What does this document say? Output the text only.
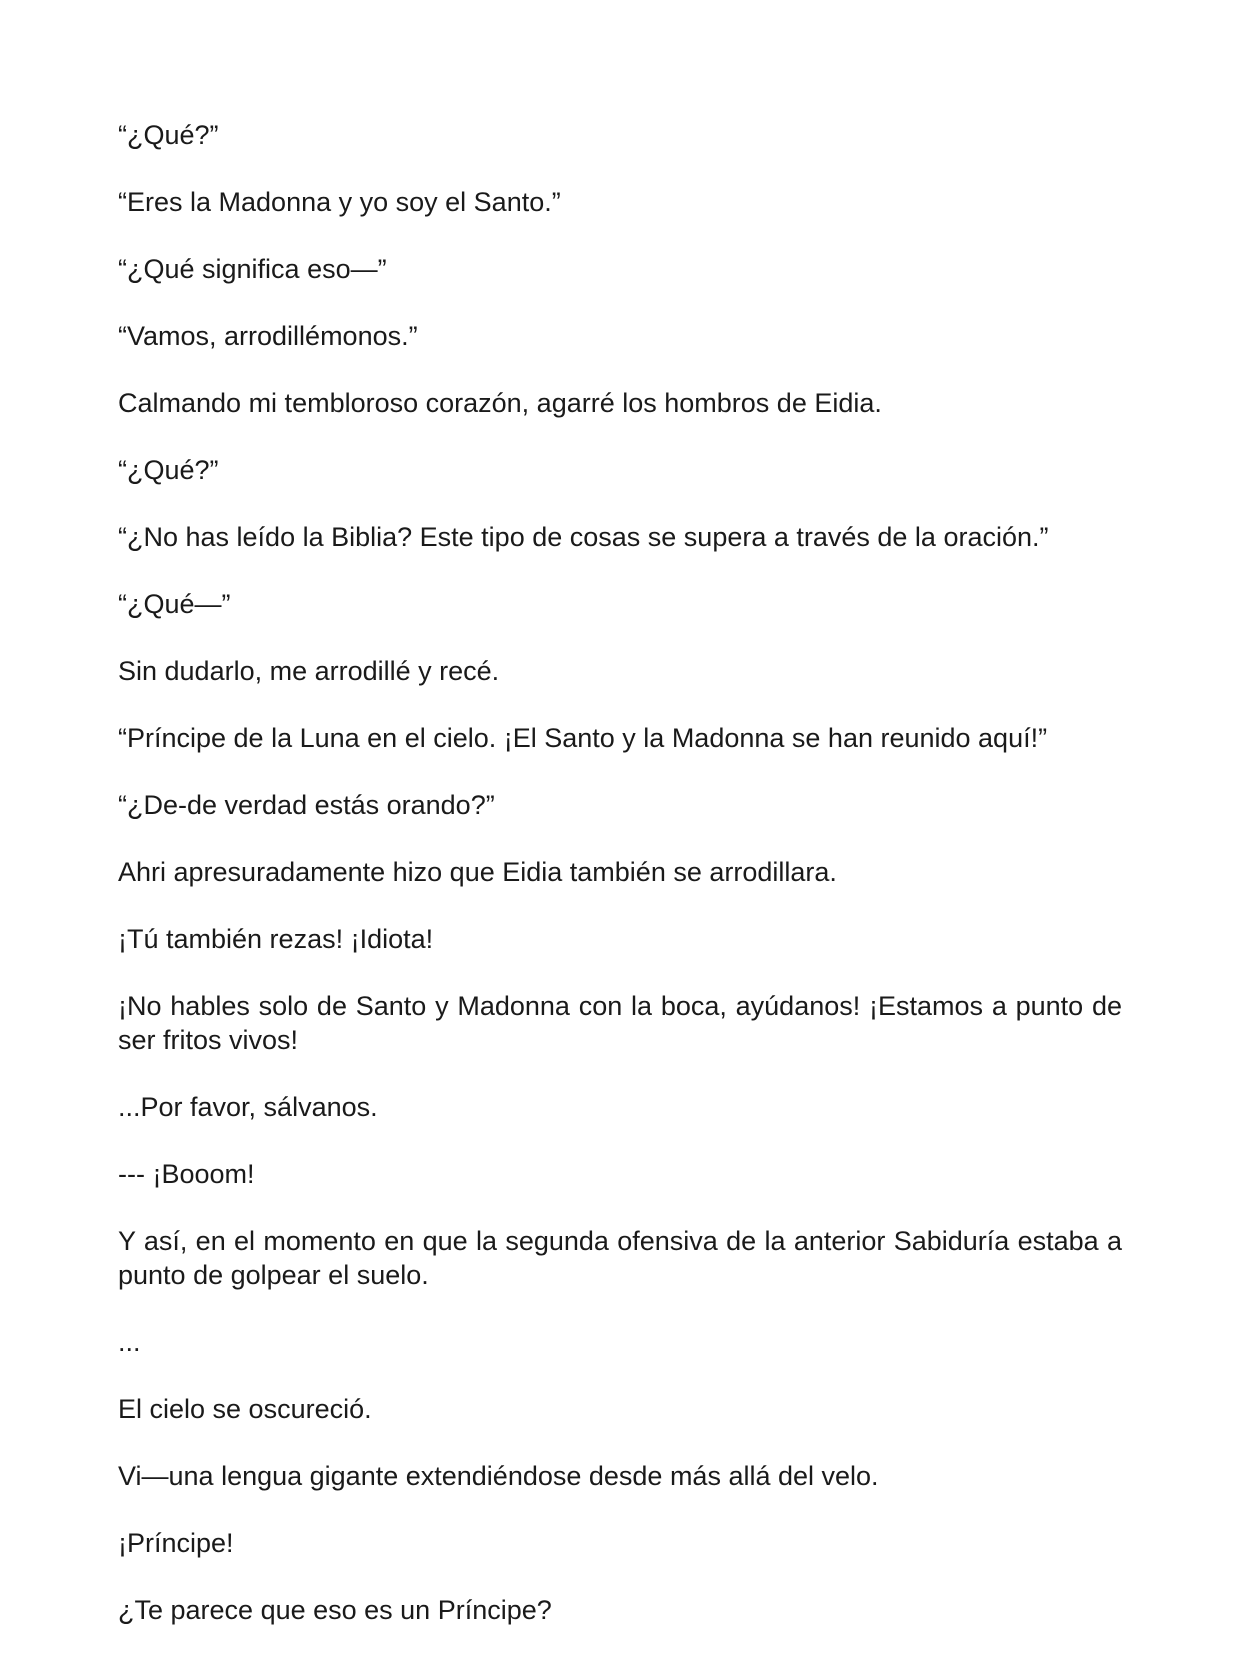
“¿Qué?”

“Eres la Madonna y yo soy el Santo.”

“¿Qué significa eso—”

“Vamos, arrodillémonos.”

Calmando mi tembloroso corazón, agarré los hombros de Eidia.

“¿Qué?”

“¿No has leído la Biblia? Este tipo de cosas se supera a través de la oración.”

“¿Qué—”

Sin dudarlo, me arrodillé y recé.

“Príncipe de la Luna en el cielo. ¡El Santo y la Madonna se han reunido aquí!”

“¿De-de verdad estás orando?”

Ahri apresuradamente hizo que Eidia también se arrodillara.

¡Tú también rezas! ¡Idiota!

¡No hables solo de Santo y Madonna con la boca, ayúdanos! ¡Estamos a punto de ser fritos vivos!

...Por favor, sálvanos.

--- ¡Booom!

Y así, en el momento en que la segunda ofensiva de la anterior Sabiduría estaba a punto de golpear el suelo.

...

El cielo se oscureció.

Vi—una lengua gigante extendiéndose desde más allá del velo.

¡Príncipe!

¿Te parece que eso es un Príncipe?
